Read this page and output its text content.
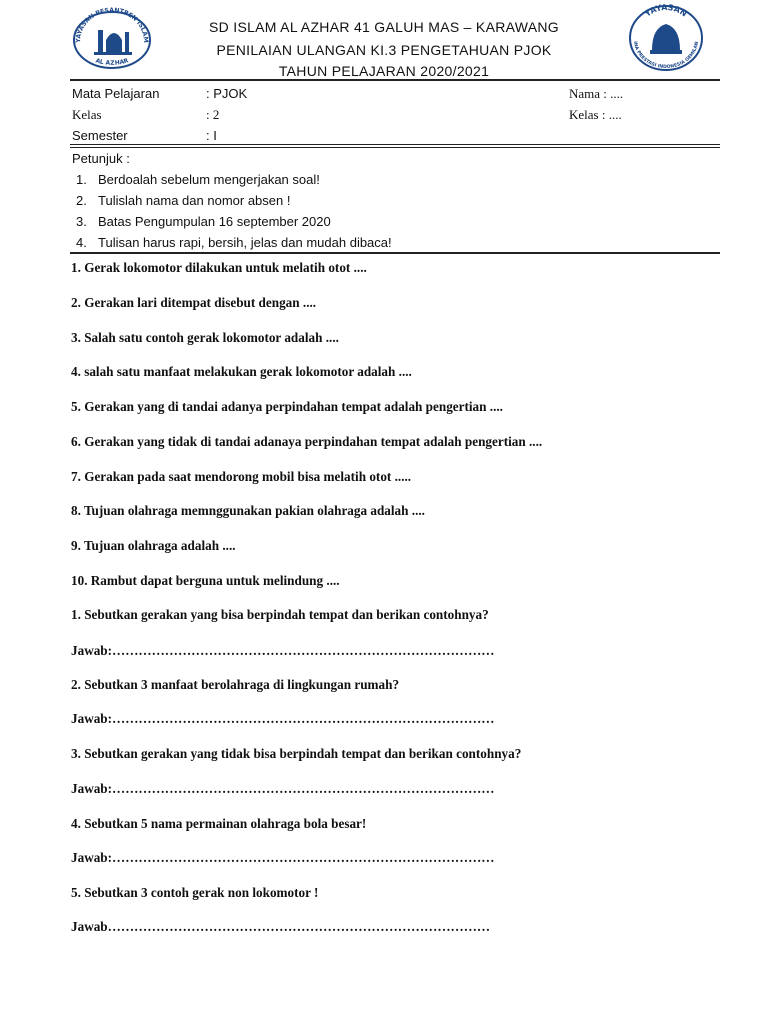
YAYASAN PESANTREN ISLAM
AL AZHAR
YAYASAN
INA PRESTASI INDONESIA GEMILAN
SD ISLAM AL AZHAR 41 GALUH MAS – KARAWANG
PENILAIAN ULANGAN KI.3 PENGETAHUAN PJOK
TAHUN PELAJARAN 2020/2021
Mata Pelajaran	: PJOK
Kelas	: 2
Semester	: I
Nama : ....
Kelas : ....
Petunjuk :
1. Berdoalah sebelum mengerjakan soal!
2. Tulislah nama dan nomor absen !
3. Batas Pengumpulan 16 september 2020
4. Tulisan harus rapi, bersih, jelas dan mudah dibaca!
1. Gerak lokomotor dilakukan untuk melatih otot ....
2. Gerakan lari ditempat disebut dengan ....
3. Salah satu contoh gerak lokomotor adalah ....
4. salah satu manfaat melakukan gerak lokomotor adalah ....
5. Gerakan yang di tandai adanya perpindahan tempat adalah pengertian ....
6. Gerakan yang tidak di tandai adanaya perpindahan tempat adalah pengertian ....
7. Gerakan pada saat mendorong mobil bisa melatih otot .....
8. Tujuan olahraga memnggunakan pakian olahraga adalah ....
9. Tujuan olahraga adalah ....
10. Rambut dapat berguna untuk melindung ....
1. Sebutkan gerakan yang bisa berpindah tempat dan berikan contohnya?
Jawab:……………………………………………………………………………
2. Sebutkan 3 manfaat berolahraga di lingkungan rumah?
Jawab:……………………………………………………………………………
3. Sebutkan gerakan yang tidak bisa berpindah tempat dan berikan contohnya?
Jawab:……………………………………………………………………………
4. Sebutkan 5 nama permainan olahraga bola besar!
Jawab:……………………………………………………………………………
5. Sebutkan 3 contoh gerak non lokomotor !
Jawab……………………………………………………………………………
